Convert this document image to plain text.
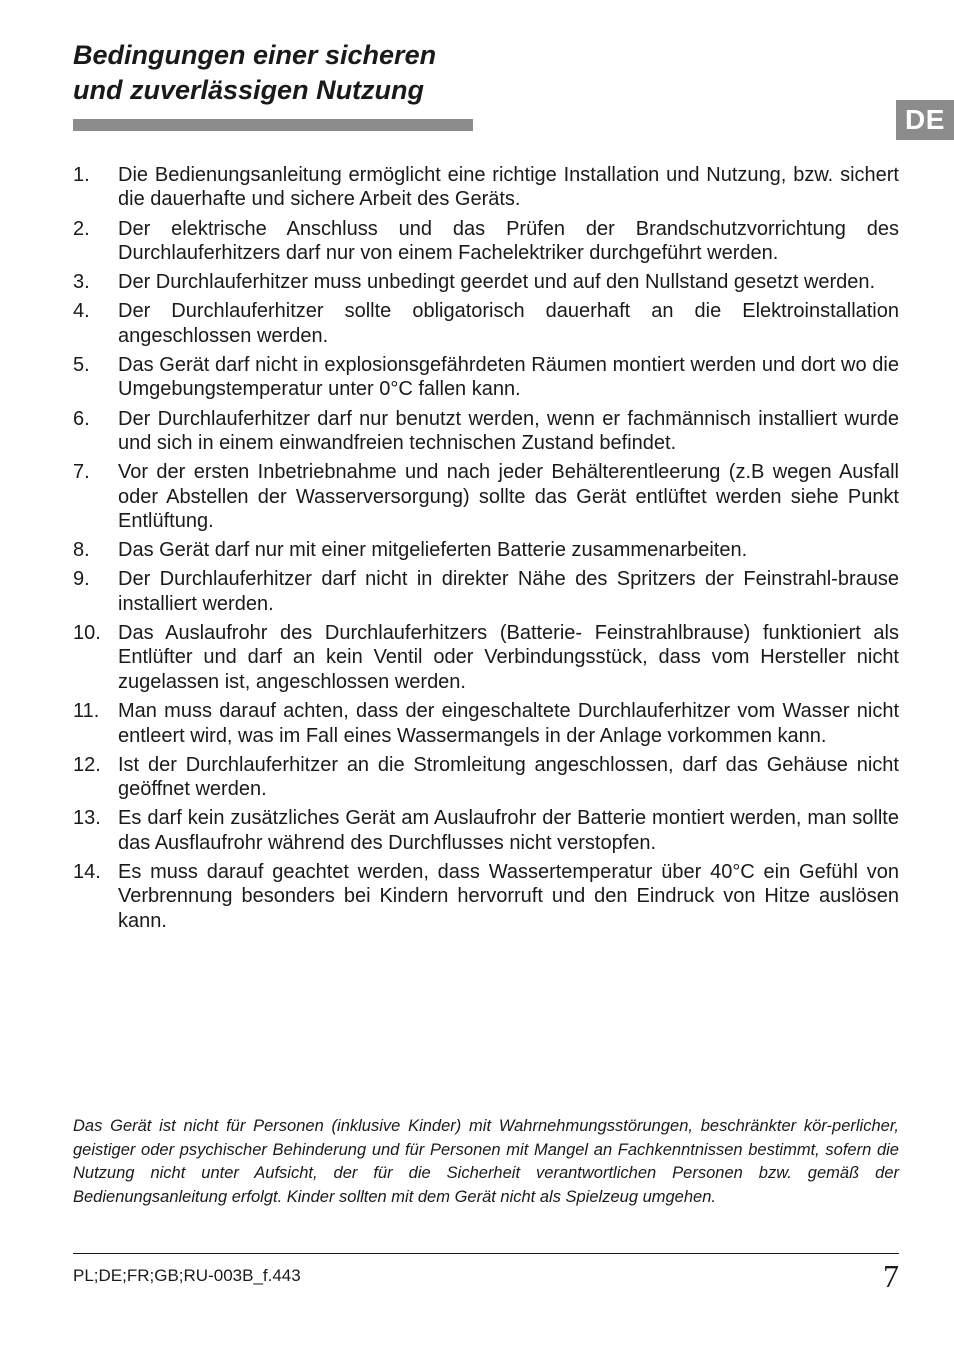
Bedingungen einer sicheren
und zuverlässigen Nutzung
DE
1.	Die Bedienungsanleitung ermöglicht eine richtige Installation und Nutzung, bzw. sichert die dauerhafte und sichere Arbeit des Geräts.
2.	Der elektrische Anschluss und das Prüfen der Brandschutzvorrichtung des Durchlauferhitzers darf nur von einem Fachelektriker durchgeführt werden.
3.	Der Durchlauferhitzer muss unbedingt geerdet und auf den Nullstand gesetzt werden.
4.	Der Durchlauferhitzer sollte obligatorisch dauerhaft an die Elektroinstallation angeschlossen werden.
5.	Das Gerät darf nicht in explosionsgefährdeten Räumen montiert werden und dort wo die Umgebungstemperatur unter 0°C fallen kann.
6.	Der Durchlauferhitzer darf nur benutzt werden, wenn er fachmännisch installiert wurde und sich in einem einwandfreien technischen Zustand befindet.
7.	Vor der ersten Inbetriebnahme und nach jeder Behälterentleerung (z.B wegen Ausfall oder Abstellen der Wasserversorgung) sollte das Gerät entlüftet werden siehe Punkt Entlüftung.
8.	Das Gerät darf nur mit einer mitgelieferten Batterie zusammenarbeiten.
9.	Der Durchlauferhitzer darf nicht in direkter Nähe des Spritzers der Feinstrahl-brause installiert werden.
10. Das Auslaufrohr des Durchlauferhitzers (Batterie- Feinstrahlbrause) funktioniert als Entlüfter und darf an kein Ventil oder Verbindungsstück, dass vom Hersteller nicht zugelassen ist, angeschlossen werden.
11. Man muss darauf achten, dass der eingeschaltete Durchlauferhitzer vom Wasser nicht entleert wird, was im Fall eines Wassermangels in der Anlage vorkommen kann.
12. Ist der Durchlauferhitzer an die Stromleitung angeschlossen, darf das Gehäuse nicht geöffnet werden.
13. Es darf kein zusätzliches Gerät am Auslaufrohr der Batterie montiert werden, man sollte das Ausflaufrohr während des Durchflusses nicht verstopfen.
14. Es muss darauf geachtet werden, dass Wassertemperatur über 40°C ein Gefühl von Verbrennung besonders bei Kindern hervorruft und den Eindruck von Hitze auslösen kann.

Das Gerät ist nicht für Personen (inklusive Kinder) mit Wahrnehmungsstörungen, beschränkter kör-perlicher, geistiger oder psychischer Behinderung und für Personen mit Mangel an Fachkenntnissen bestimmt, sofern die Nutzung nicht unter Aufsicht, der für die Sicherheit verantwortlichen Personen bzw. gemäß der Bedienungsanleitung erfolgt. Kinder sollten mit dem Gerät nicht als Spielzeug umgehen.

PL;DE;FR;GB;RU-003B_f.443	7
